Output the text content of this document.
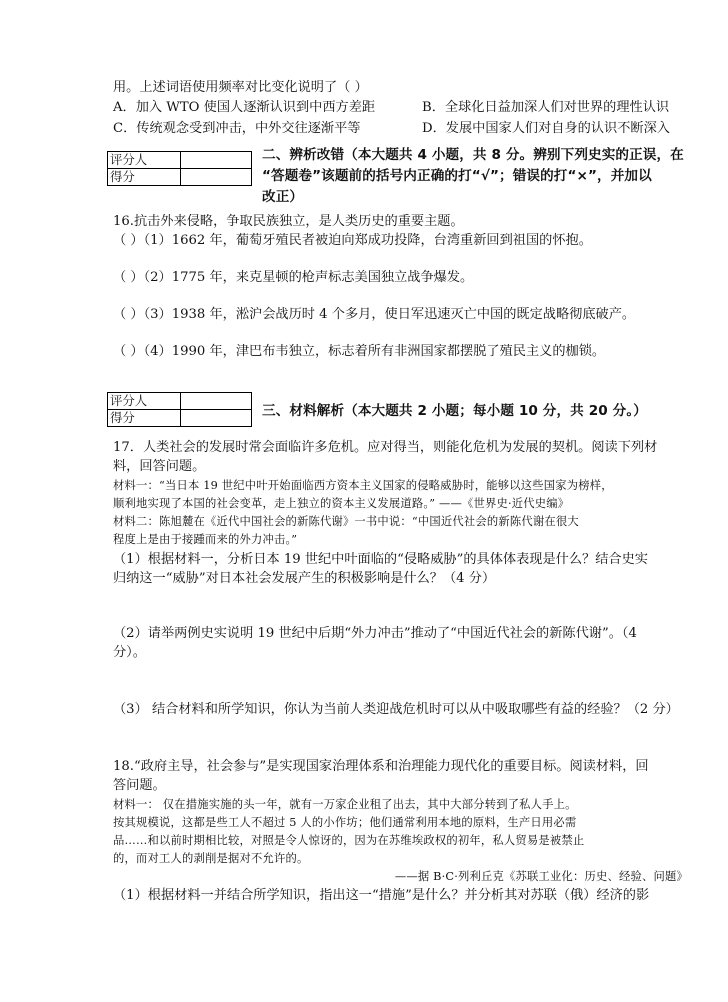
用。上述词语使用频率对比变化说明了（ ）
A．加入 WTO 使国人逐渐认识到中西方差距	B．全球化日益加深人们对世界的理性认识
C．传统观念受到冲击，中外交往逐渐平等	D．发展中国家人们对自身的认识不断深入
评分人	
得分	
二、辨析改错（本大题共 4 小题，共 8 分。辨别下列史实的正误，在
“答题卷”该题前的括号内正确的打“√”；错误的打“×”，并加以
改正）
16.抗击外来侵略，争取民族独立，是人类历史的重要主题。
（ ）（1）1662 年，葡萄牙殖民者被迫向郑成功投降，台湾重新回到祖国的怀抱。
（ ）（2）1775 年，来克星顿的枪声标志美国独立战争爆发。
（ ）（3）1938 年，淞沪会战历时 4 个多月，使日军迅速灭亡中国的既定战略彻底破产。
（ ）（4）1990 年，津巴布韦独立，标志着所有非洲国家都摆脱了殖民主义的枷锁。
评分人	
得分		三、材料解析（本大题共 2 小题；每小题 10 分，共 20 分。）
17．人类社会的发展时常会面临许多危机。应对得当，则能化危机为发展的契机。阅读下列材
料，回答问题。
材料一：“当日本 19 世纪中叶开始面临西方资本主义国家的侵略威胁时，能够以这些国家为榜样，
顺利地实现了本国的社会变革，走上独立的资本主义发展道路。” ——《世界史·近代史编》
材料二：陈旭麓在《近代中国社会的新陈代谢》一书中说：“中国近代社会的新陈代谢在很大
程度上是由于接踵而来的外力冲击。”
（1）根据材料一，分析日本 19 世纪中叶面临的“侵略威胁”的具体体表现是什么？结合史实
归纳这一“威胁”对日本社会发展产生的积极影响是什么？（4 分）
（2）请举两例史实说明 19 世纪中后期“外力冲击”推动了“中国近代社会的新陈代谢”。（4
分）。
（3） 结合材料和所学知识，你认为当前人类迎战危机时可以从中吸取哪些有益的经验？（2 分）
18.“政府主导，社会参与”是实现国家治理体系和治理能力现代化的重要目标。阅读材料，回
答问题。
材料一： 仅在措施实施的头一年，就有一万家企业租了出去，其中大部分转到了私人手上。
按其规模说，这都是些工人不超过 5 人的小作坊；他们通常利用本地的原料，生产日用必需
品……和以前时期相比较，对照是令人惊讶的，因为在苏维埃政权的初年，私人贸易是被禁止
的，而对工人的剥削是据对不允许的。
——据 B·C·列利丘克《苏联工业化：历史、经验、问题》
（1）根据材料一并结合所学知识，指出这一“措施”是什么？并分析其对苏联（俄）经济的影
